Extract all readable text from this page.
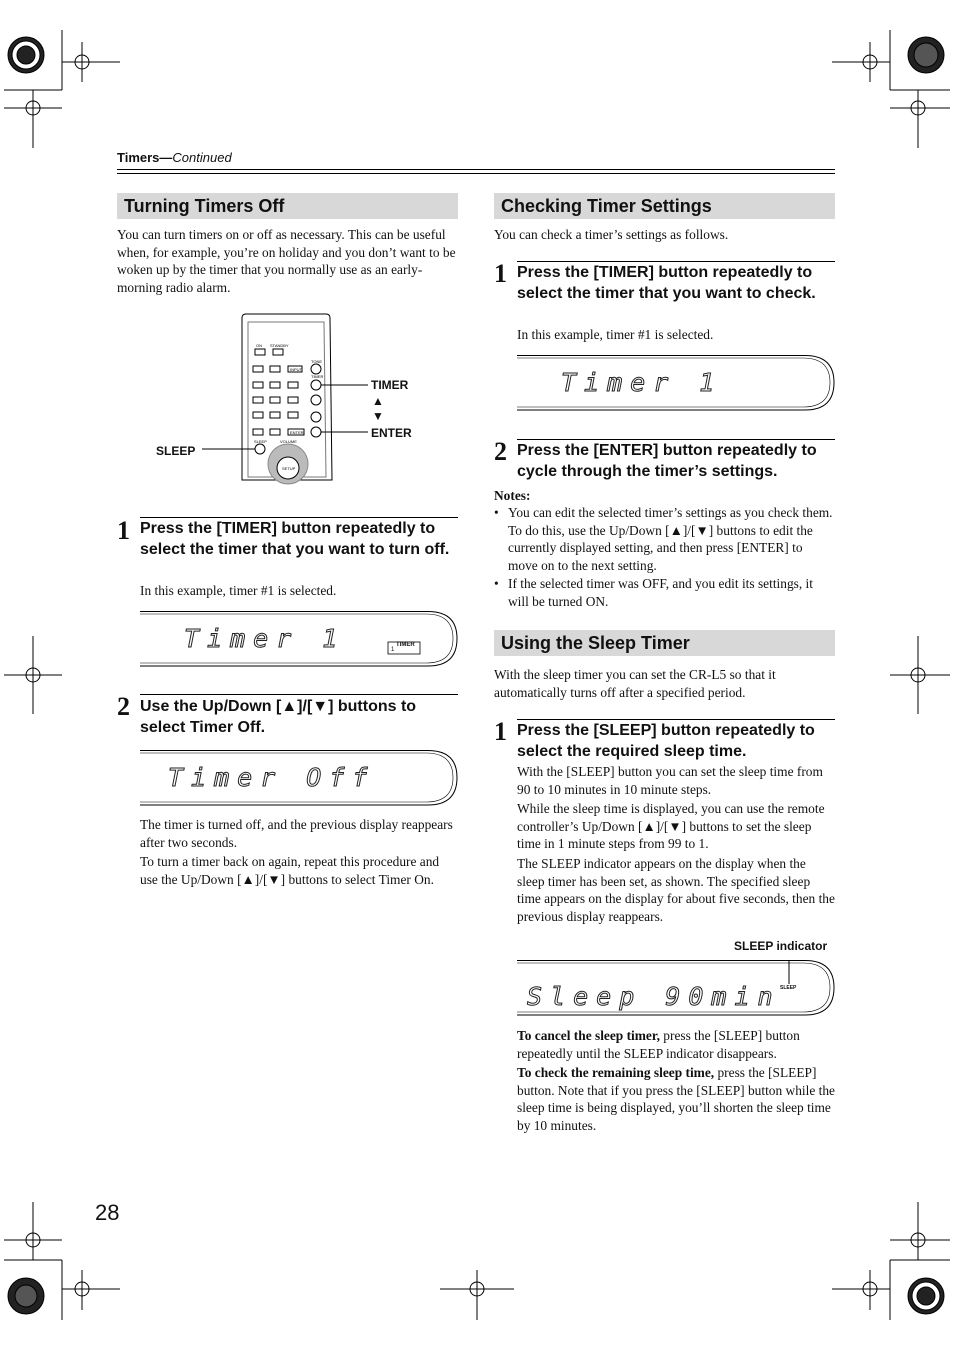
Timers—Continued
Turning Timers Off
You can turn timers on or off as necessary. This can be useful when, for example, you’re on holiday and you don’t want to be woken up by the timer that you normally use as an early-morning radio alarm.
ON STANDBY
TONE
TIMER
INPUT
ENTER
SLEEP	VOLUME
SETUP
TIMER
▲
▼
ENTER
SLEEP
1 Press the [TIMER] button repeatedly to select the timer that you want to turn off.
In this example, timer #1 is selected.
Timer 1	TIMER
1
2 Use the Up/Down [▲]/[▼] buttons to select Timer Off.
Timer Off
The timer is turned off, and the previous display reappears after two seconds.
To turn a timer back on again, repeat this procedure and use the Up/Down [▲]/[▼] buttons to select Timer On.
Checking Timer Settings
You can check a timer’s settings as follows.
1 Press the [TIMER] button repeatedly to select the timer that you want to check.
In this example, timer #1 is selected.
Timer 1
2 Press the [ENTER] button repeatedly to cycle through the timer’s settings.
Notes:
• You can edit the selected timer’s settings as you check them. To do this, use the Up/Down [▲]/[▼] buttons to edit the currently displayed setting, and then press [ENTER] to move on to the next setting.
• If the selected timer was OFF, and you edit its settings, it will be turned ON.
Using the Sleep Timer
With the sleep timer you can set the CR-L5 so that it automatically turns off after a specified period.
1 Press the [SLEEP] button repeatedly to select the required sleep time.
With the [SLEEP] button you can set the sleep time from 90 to 10 minutes in 10 minute steps.
While the sleep time is displayed, you can use the remote controller’s Up/Down [▲]/[▼] buttons to set the sleep time in 1 minute steps from 99 to 1.
The SLEEP indicator appears on the display when the sleep timer has been set, as shown. The specified sleep time appears on the display for about five seconds, then the previous display reappears.
SLEEP indicator
Sleep 90min SLEEP
To cancel the sleep timer, press the [SLEEP] button repeatedly until the SLEEP indicator disappears.
To check the remaining sleep time, press the [SLEEP] button. Note that if you press the [SLEEP] button while the sleep time is being displayed, you’ll shorten the sleep time by 10 minutes.
28
